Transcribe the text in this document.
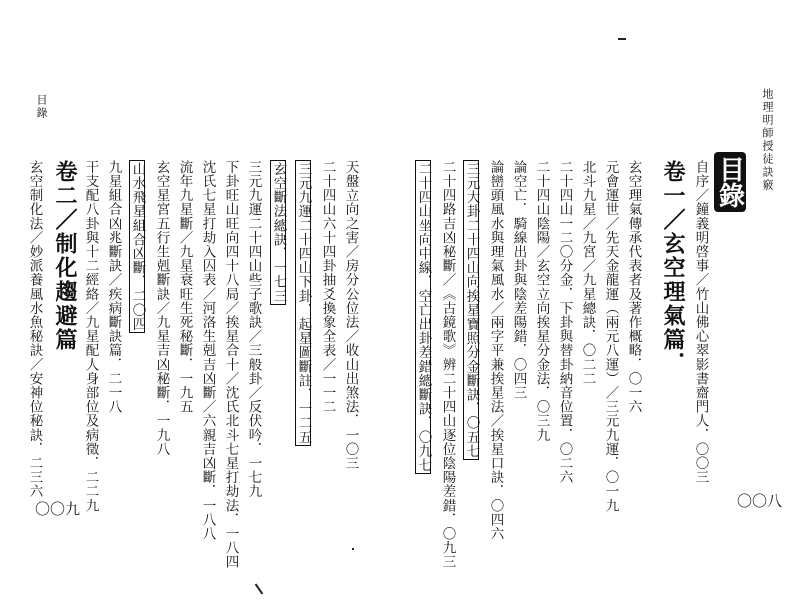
地理明師授徒訣竅
目錄
自序／鐘義明啓事／竹山佛心翠影書齋門人．〇〇三
卷一／玄空理氣篇．
玄空理氣傳承代表者及著作概略．〇一六
元會運世／先天金龍運（兩元八運）／三元九運．〇一九
北斗九星／九宮／九星總訣．〇二二
二十四山一二〇分金．下卦與替卦納音位置．〇二六
二十四山陰陽／玄空立向挨星分金法．〇三九
論空亡．騎線出卦與陰差陽錯．〇四三
論巒頭風水與理氣風水／兩字平兼挨星法／挨星口訣．〇四六
三元大卦二十四山向挨星寶照分金斷訣．〇五七
二十四路吉凶秘斷／《古鏡歌》辨二十四山逐位陰陽差錯．〇九三
二十四山坐向中線．空亡出卦差錯總斷訣．〇九七
〇〇八
目錄
天盤立向之害／房分公位法／收山出煞法．一〇三
二十四山六十四卦抽爻換象全表／一一二
三元九運二十四山下卦．起星圖斷註．一二五
玄空斷法總訣．一七三
三元九運二十四山些子歌訣／三般卦／反伏吟．一七九
下卦旺山旺向四十八局／挨星合十／沈氏北斗七星打劫法．一八四
沈氏七星打劫入囚表／河洛生剋吉凶斷／六親吉凶斷．一八八
流年九星斷／九星衰旺生死秘斷．一九五
玄空星宮五行生剋斷訣／九星吉凶秘斷．一九八
山水飛星組合凶斷．二〇四
九星組合凶兆斷訣／疾病斷訣篇．二一八
干支配八卦與十二經絡／九星配人身部位及病徵．二二九
卷二／制化趨避篇
玄空制化法／妙派養風水魚秘訣／安神位秘訣．二三六
〇〇九
